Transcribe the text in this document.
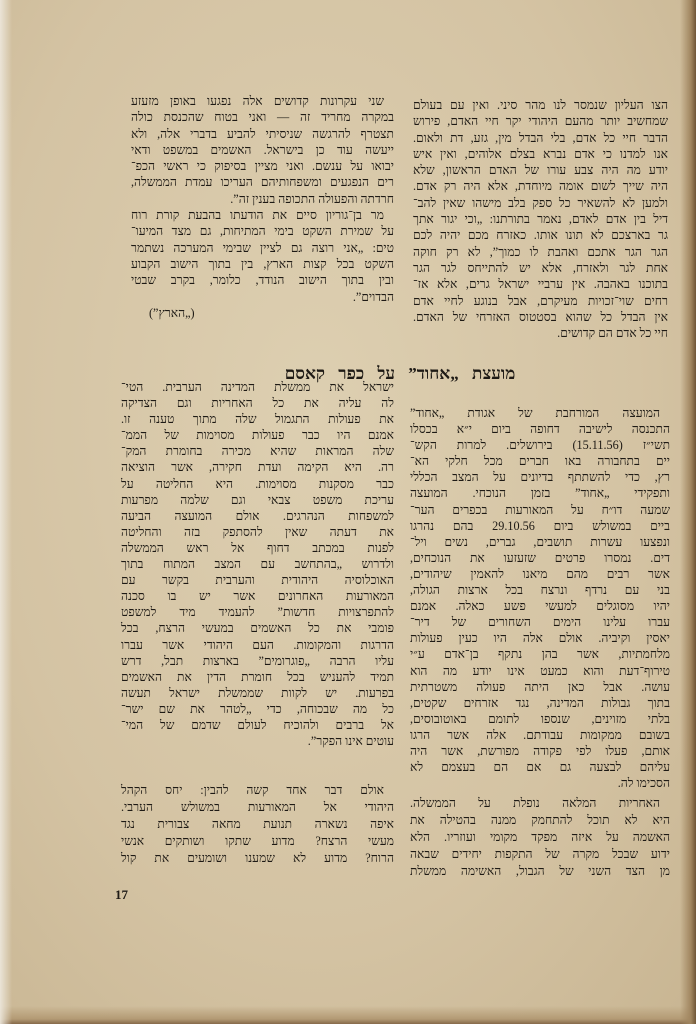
הצו העליון שנמסר לנו מהר סיני. ואין עם בעולם
שמחשיב יותר מהעם היהודי יקר חיי האדם, פירוש
הדבר חיי כל אדם, בלי הבדל מין, גזע, דת ולאום.
אנו למדנו כי אדם נברא בצלם אלוהים, ואין איש
יודע מה היה צבע עורו של האדם הראשון, שלא
היה שייך לשום אומה מיוחדת, אלא היה רק אדם.
ולמען לא להשאיר כל ספק בלב מישהו שאין להב־
דיל בין אדם לאדם, נאמר בתורתנו: „וכי יגור אתך
גר בארצכם לא תונו אותו. כאזרח מכם יהיה לכם
הגר הגר אתכם ואהבת לו כמוך”, לא רק חוקה
אחת לגר ולאזרח, אלא יש להתייחס לגר הגר
בתוכנו באהבה. אין ערביי ישראל גרים, אלא אז־
רחים שוי־זכויות מעיקרם, אבל בנוגע לחיי אדם
אין הבדל כל שהוא בסטטוס האזרחי של האדם.
חיי כל אדם הם קדושים.
שני עקרונות קדושים אלה נפגעו באופן מזעזע
במקרה מחריד זה — ואני בטוח שהכנסת כולה
תצטרף להרגשה שניסיתי להביע בדברי אלה, ולא
ייעשה עוד כן בישראל. האשמים במשפט ודאי
יבואו על ענשם. ואני מציין בסיפוק כי ראשי הכפ־
רים הנפגעים ומשפחותיהם העריכו עמדת הממשלה,
חרדתה והפעולה התכופה בענין זה”.
מר בן־גוריון סיים את הודעתו בהבעת קורת רוח
על שמירת השקט בימי המתיחות, גם מצד המיעו־
טים: „אני רוצה גם לציין שבימי המערכה נשתמר
השקט בכל קצות הארץ, בין בתוך הישוב הקבוע
ובין בתוך הישוב הנודד, כלומר, בקרב שבטי
הבדוים”.
(„הארץ”)
מועצת „אחוד” על כפר קאסם
המועצה המורחבת של אגודת „אחוד”
התכנסה לישיבה דחופה ביום י״א בכסלו
תשי״ז (15.11.56) בירושלים. למרות הקש־
יים בתחבורה באו חברים מכל חלקי הא־
רץ, כדי להשתתף בדיונים על המצב הכללי
ותפקידי „אחוד” בזמן הנוכחי. המועצה
שמעה דו״ח על המאורעות בכפרים הער־
ביים במשולש ביום 29.10.56 בהם נהרגו
ונפצעו עשרות תושבים, גברים, נשים ויל־
דים. נמסרו פרטים שזעזעו את הנוכחים,
אשר רבים מהם מיאנו להאמין שיהודים,
בני עם נרדף ונרצח בכל ארצות הגולה,
יהיו מסוגלים למעשי פשע כאלה. אמנם
עברו עלינו הימים השחורים של דיר־
יאסין וקיביה. אולם אלה היו כעין פעולות
מלחמתיות, אשר בהן נתקף בן־אדם ע״י
טירוף־דעת והוא כמעט אינו יודע מה הוא
עושה. אבל כאן היתה פעולה משטרתית
בתוך גבולות המדינה, נגד אזרחים שקטים,
בלתי מזוינים, שנספו לתומם באוטובוסים,
בשובם ממקומות עבודתם. אלה אשר הרגו
אותם, פעלו לפי פקודה מפורשת, אשר היה
עליהם לבצעה גם אם הם בעצמם לא
הסכימו לה.
האחריות המלאה נופלת על הממשלה.
היא לא תוכל להתחמק ממנה בהטילה את
האשמה על איזה מפקד מקומי ועוזריו. הלא
ידוע שבכל מקרה של התקפות יחידים שבאה
מן הצד השני של הגבול, האשימה ממשלת
ישראל את ממשלת המדינה הערבית. הטי־
לה עליה את כל האחריות וגם הצדיקה
את פעולות התגמול שלה מתוך טענה זו.
אמנם היו כבר פעולות מסוימות של הממ־
שלה המראות שהיא מכירה בחומרת המק־
רה. היא הקימה ועדת חקירה, אשר הוציאה
כבר מסקנות מסוימות. היא החליטה על
עריכת משפט צבאי וגם שלמה מפרעות
למשפחות הנהרגים. אולם המועצה הביעה
את דעתה שאין להסתפק בזה והחליטה
לפנות במכתב דחוף אל ראש הממשלה
ולדרוש „בהתחשב עם המצב המתוח בתוך
האוכלוסיה היהודית והערבית בקשר עם
המאורעות האחרונים אשר יש בו סכנה
להתפרצויות חדשות” להעמיד מיד למשפט
פומבי את כל האשמים במעשי הרצח, בכל
הדרגות והמקומות. העם היהודי אשר עברו
עליו הרבה „פוגרומים” בארצות תבל, דרש
תמיד להעניש בכל חומרת הדין את האשמים
בפרעות. יש לקוות שממשלת ישראל תעשה
כל מה שבכוחה, כדי „לטהר את שם ישר־
אל ברבים ולהוכיח לעולם שדמם של המי־
עוטים אינו הפקר”.
אולם דבר אחד קשה להבין: יחס הקהל
היהודי אל המאורעות במשולש הערבי.
איפה נשארה תנועת מחאה צבורית נגד
מעשי הרצח? מדוע שתקו ושותקים אנשי
הרוח? מדוע לא שמענו ושומעים את קול
17
